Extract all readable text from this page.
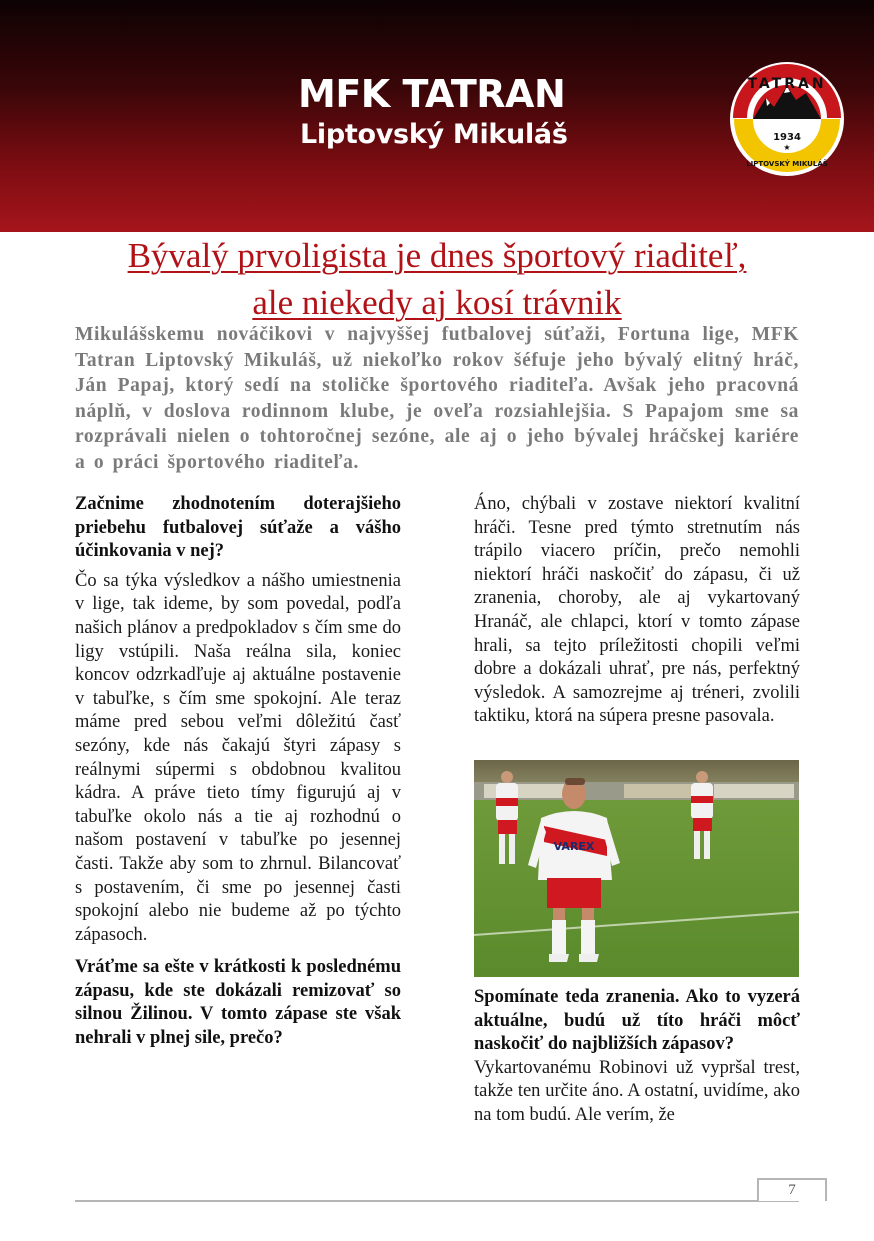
MFK TATRAN
Liptovský Mikuláš
TATRAN
1934
★
LIPTOVSKÝ MIKULÁŠ
Bývalý prvoligista je dnes športový riaditeľ,
ale niekedy aj kosí trávnik
Mikulášskemu nováčikovi v najvyššej futbalovej súťaži, Fortuna lige, MFK Tatran Liptovský Mikuláš, už niekoľko rokov šéfuje jeho bývalý elitný hráč, Ján Papaj, ktorý sedí na stoličke športového riaditeľa. Avšak jeho pracovná náplň, v doslova rodinnom klube, je oveľa rozsiahlejšia. S Papajom sme sa rozprávali nielen o tohtoročnej sezóne, ale aj o jeho bývalej hráčskej kariére a o práci športového riaditeľa.

Začnime zhodnotením doterajšieho priebehu futbalovej súťaže a vášho účinkovania v nej?

Čo sa týka výsledkov a nášho umiestnenia v lige, tak ideme, by som povedal, podľa našich plánov a predpokladov s čím sme do ligy vstúpili. Naša reálna sila, koniec koncov odzrkadľuje aj aktuálne postavenie v tabuľke, s čím sme spokojní. Ale teraz máme pred sebou veľmi dôležitú časť sezóny, kde nás čakajú štyri zápasy s reálnymi súpermi s obdobnou kvalitou kádra. A práve tieto tímy figurujú aj v tabuľke okolo nás a tie aj rozhodnú o našom postavení v tabuľke po jesennej časti. Takže aby som to zhrnul. Bilancovať s postavením, či sme po jesennej časti spokojní alebo nie budeme až po týchto zápasoch.

Vráťme sa ešte v krátkosti k poslednému zápasu, kde ste dokázali remizovať so silnou Žilinou. V tomto zápase ste však nehrali v plnej sile, prečo?

Áno, chýbali v zostave niektorí kvalitní hráči. Tesne pred týmto stretnutím nás trápilo viacero príčin, prečo nemohli niektorí hráči naskočiť do zápasu, či už zranenia, choroby, ale aj vykartovaný Hranáč, ale chlapci, ktorí v tomto zápase hrali, sa tejto príležitosti chopili veľmi dobre a dokázali uhrať, pre nás, perfektný výsledok. A samozrejme aj tréneri, zvolili taktiku, ktorá na súpera presne pasovala.

VAREX

Spomínate teda zranenia. Ako to vyzerá aktuálne, budú už títo hráči môcť naskočiť do najbližších zápasov?

Vykartovanému Robinovi už vypršal trest, takže ten určite áno. A ostatní, uvidíme, ako na tom budú. Ale verím, že

7
